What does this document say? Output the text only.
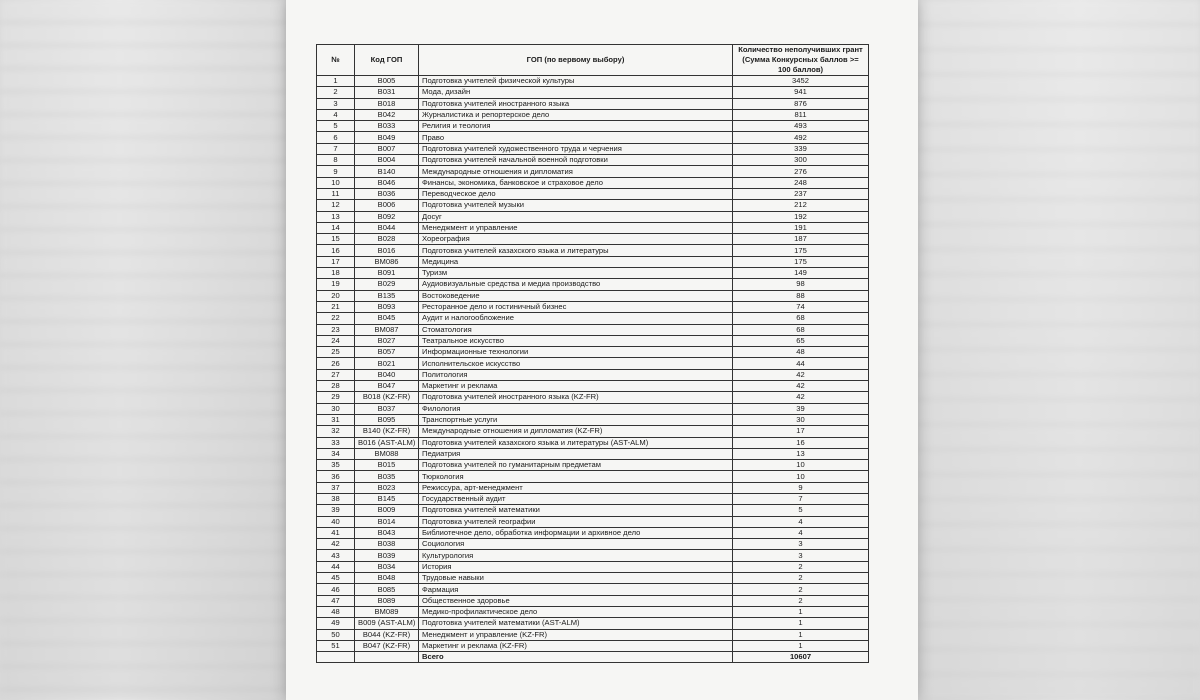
№	Код ГОП	ГОП (по вервому выбору)	Количество неполучивших грант (Сумма Конкурсных баллов >= 100 баллов)
1	B005	Подготовка учителей физической культуры	3452
2	B031	Мода, дизайн	941
3	B018	Подготовка учителей иностранного языка	876
4	B042	Журналистика и репортерское дело	811
5	B033	Религия и теология	493
6	B049	Право	492
7	B007	Подготовка учителей художественного труда и черчения	339
8	B004	Подготовка учителей начальной военной подготовки	300
9	B140	Международные отношения и дипломатия	276
10	B046	Финансы, экономика, банковское и страховое дело	248
11	B036	Переводческое дело	237
12	B006	Подготовка учителей музыки	212
13	B092	Досуг	192
14	B044	Менеджмент и управление	191
15	B028	Хореография	187
16	B016	Подготовка учителей казахского языка и литературы	175
17	BM086	Медицина	175
18	B091	Туризм	149
19	B029	Аудиовизуальные средства и медиа производство	98
20	B135	Востоковедение	88
21	B093	Ресторанное дело и гостиничный бизнес	74
22	B045	Аудит и налогообложение	68
23	BM087	Стоматология	68
24	B027	Театральное искусство	65
25	B057	Информационные технологии	48
26	B021	Исполнительское искусство	44
27	B040	Политология	42
28	B047	Маркетинг и реклама	42
29	B018 (KZ-FR)	Подготовка учителей иностранного языка (KZ-FR)	42
30	B037	Филология	39
31	B095	Транспортные услуги	30
32	B140 (KZ-FR)	Международные отношения и дипломатия (KZ-FR)	17
33	B016 (AST-ALM)	Подготовка учителей казахского языка и литературы (AST-ALM)	16
34	BM088	Педиатрия	13
35	B015	Подготовка учителей по гуманитарным предметам	10
36	B035	Тюркология	10
37	B023	Режиссура, арт-менеджмент	9
38	B145	Государственный аудит	7
39	B009	Подготовка учителей математики	5
40	B014	Подготовка учителей географии	4
41	B043	Библиотечное дело, обработка информации и архивное дело	4
42	B038	Социология	3
43	B039	Культурология	3
44	B034	История	2
45	B048	Трудовые навыки	2
46	B085	Фармация	2
47	B089	Общественное здоровье	2
48	BM089	Медико-профилактическое дело	1
49	B009 (AST-ALM)	Подготовка учителей математики (AST-ALM)	1
50	B044 (KZ-FR)	Менеджмент и управление (KZ-FR)	1
51	B047 (KZ-FR)	Маркетинг и реклама (KZ-FR)	1
		Всего	10607
